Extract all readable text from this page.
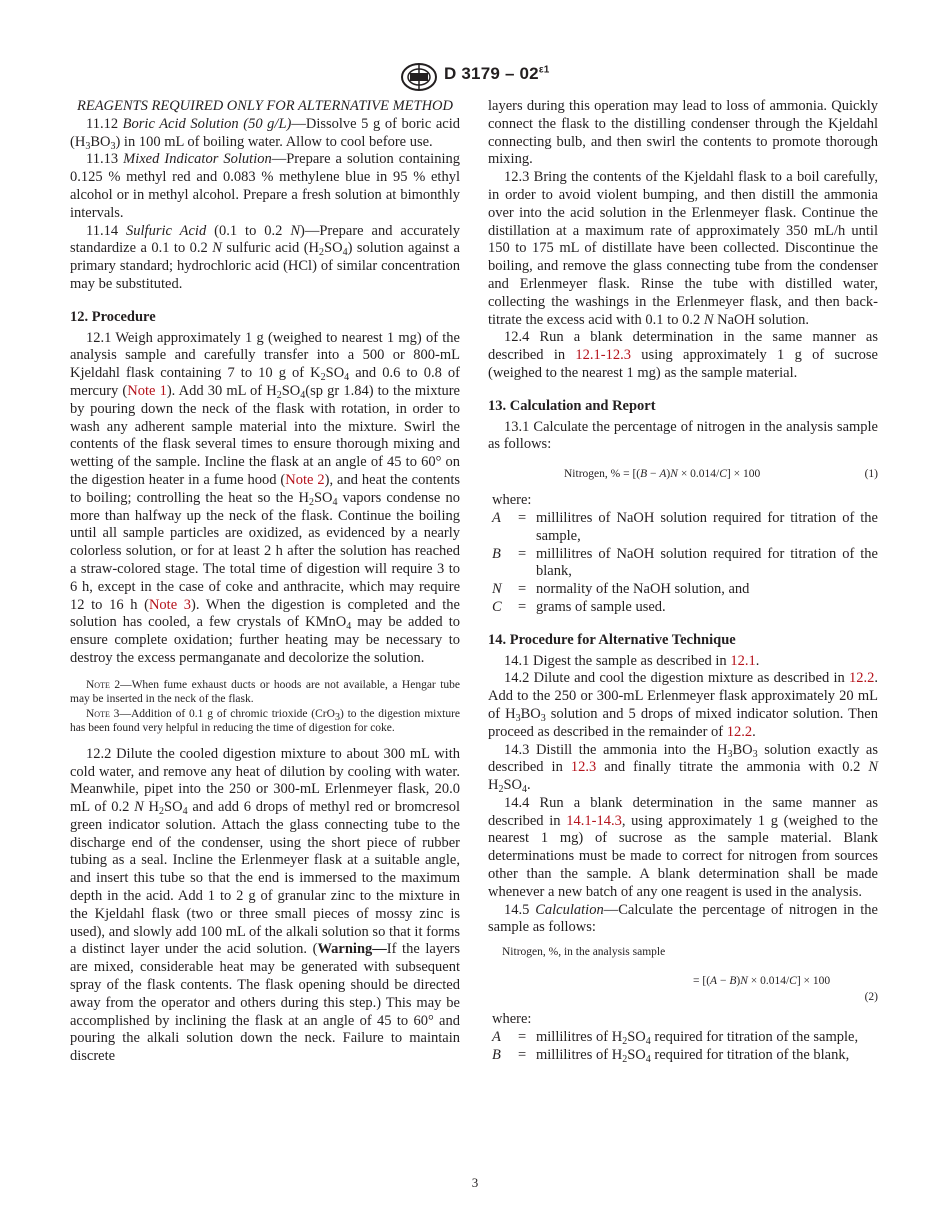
D $3179 - 02^{\varepsilon 1}$

REAGENTS REQUIRED ONLY FOR ALTERNATIVE METHOD

11.12 Boric Acid Solution (50 g/L)—Dissolve 5 g of boric acid $(H_3BO_3)$ in 100 mL of boiling water. Allow to cool before use.

11.13 Mixed Indicator Solution—Prepare a solution containing 0.125 % methyl red and 0.083 % methylene blue in 95 % ethyl alcohol or in methyl alcohol. Prepare a fresh solution at bimonthly intervals.

11.14 Sulfuric Acid (0.1 to 0.2 N)—Prepare and accurately standardize a 0.1 to 0.2 N sulfuric acid $(H_2SO_4)$ solution against a primary standard; hydrochloric acid (HCl) of similar concentration may be substituted.

12. Procedure

12.1 Weigh approximately 1 g (weighed to nearest 1 mg) of the analysis sample and carefully transfer into a 500 or 800-mL Kjeldahl flask containing 7 to 10 g of $K_2SO_4$ and 0.6 to 0.8 of mercury (Note 1). Add 30 mL of $H_2SO_4(sp$ gr 1.84) to the mixture by pouring down the neck of the flask with rotation, in order to wash any adherent sample material into the mixture. Swirl the contents of the flask several times to ensure thorough mixing and wetting of the sample. Incline the flask at an angle of 45 to 60° on the digestion heater in a fume hood (Note 2), and heat the contents to boiling; controlling the heat so the $H_2SO_4$ vapors condense no more than halfway up the neck of the flask. Continue the boiling until all sample particles are oxidized, as evidenced by a nearly colorless solution, or for at least 2 h after the solution has reached a straw-colored stage. The total time of digestion will require 3 to 6 h, except in the case of coke and anthracite, which may require 12 to 16 h (Note 3). When the digestion is completed and the solution has cooled, a few crystals of KMnO$_4$ may be added to ensure complete oxidation; further heating may be necessary to destroy the excess permanganate and decolorize the solution.

Note 2—When fume exhaust ducts or hoods are not available, a Hengar tube may be inserted in the neck of the flask.

Note 3—Addition of 0.1 g of chromic trioxide (CrO$_3$) to the digestion mixture has been found very helpful in reducing the time of digestion for coke.

12.2 Dilute the cooled digestion mixture to about 300 mL with cold water, and remove any heat of dilution by cooling with water. Meanwhile, pipet into the 250 or 300-mL Erlenmeyer flask, 20.0 mL of 0.2 N $H_2SO_4$ and add 6 drops of methyl red or bromcresol green indicator solution. Attach the glass connecting tube to the discharge end of the condenser, using the short piece of rubber tubing as a seal. Incline the Erlenmeyer flask at a suitable angle, and insert this tube so that the end is immersed to the maximum depth in the acid. Add 1 to 2 g of granular zinc to the mixture in the Kjeldahl flask (two or three small pieces of mossy zinc is used), and slowly add 100 mL of the alkali solution so that it forms a distinct layer under the acid solution. (Warning—If the layers are mixed, considerable heat may be generated with subsequent spray of the flask contents. The flask opening should be directed away from the operator and others during this step.) This may be accomplished by inclining the flask at an angle of 45 to 60° and pouring the alkali solution down the neck. Failure to maintain discrete

layers during this operation may lead to loss of ammonia. Quickly connect the flask to the distilling condenser through the Kjeldahl connecting bulb, and then swirl the contents to promote thorough mixing.

12.3 Bring the contents of the Kjeldahl flask to a boil carefully, in order to avoid violent bumping, and then distill the ammonia over into the acid solution in the Erlenmeyer flask. Continue the distillation at a maximum rate of approximately 350 mL/h until 150 to 175 mL of distillate have been collected. Discontinue the boiling, and remove the glass connecting tube from the condenser and Erlenmeyer flask. Rinse the tube with distilled water, collecting the washings in the Erlenmeyer flask, and then back-titrate the excess acid with 0.1 to 0.2 N NaOH solution.

12.4 Run a blank determination in the same manner as described in 12.1-12.3 using approximately 1 g of sucrose (weighed to the nearest 1 mg) as the sample material.

13. Calculation and Report

13.1 Calculate the percentage of nitrogen in the analysis sample as follows:

Nitrogen, % = [(B − A)N × 0.014/C] × 100	(1)

where:

A	=	millilitres of NaOH solution required for titration of the sample,
B	=	millilitres of NaOH solution required for titration of the blank,
N	=	normality of the NaOH solution, and
C	=	grams of sample used.
14. Procedure for Alternative Technique

14.1 Digest the sample as described in 12.1.

14.2 Dilute and cool the digestion mixture as described in 12.2. Add to the 250 or 300-mL Erlenmeyer flask approximately 20 mL of $H_3BO_3$ solution and 5 drops of mixed indicator solution. Then proceed as described in the remainder of 12.2.

14.3 Distill the ammonia into the $H_3BO_3$ solution exactly as described in 12.3 and finally titrate the ammonia with 0.2 N $H_2SO_4$.

14.4 Run a blank determination in the same manner as described in 14.1-14.3, using approximately 1 g (weighed to the nearest 1 mg) of sucrose as the sample material. Blank determinations must be made to correct for nitrogen from sources other than the sample. A blank determination shall be made whenever a new batch of any one reagent is used in the analysis.

14.5 Calculation—Calculate the percentage of nitrogen in the sample as follows:

Nitrogen, %, in the analysis sample
= [(A − B)N × 0.014/C] × 100
(2)

where:

A	=	millilitres of $H_2SO_4$ required for titration of the sample,
B	=	millilitres of $H_2SO_4$ required for titration of the blank,
3
